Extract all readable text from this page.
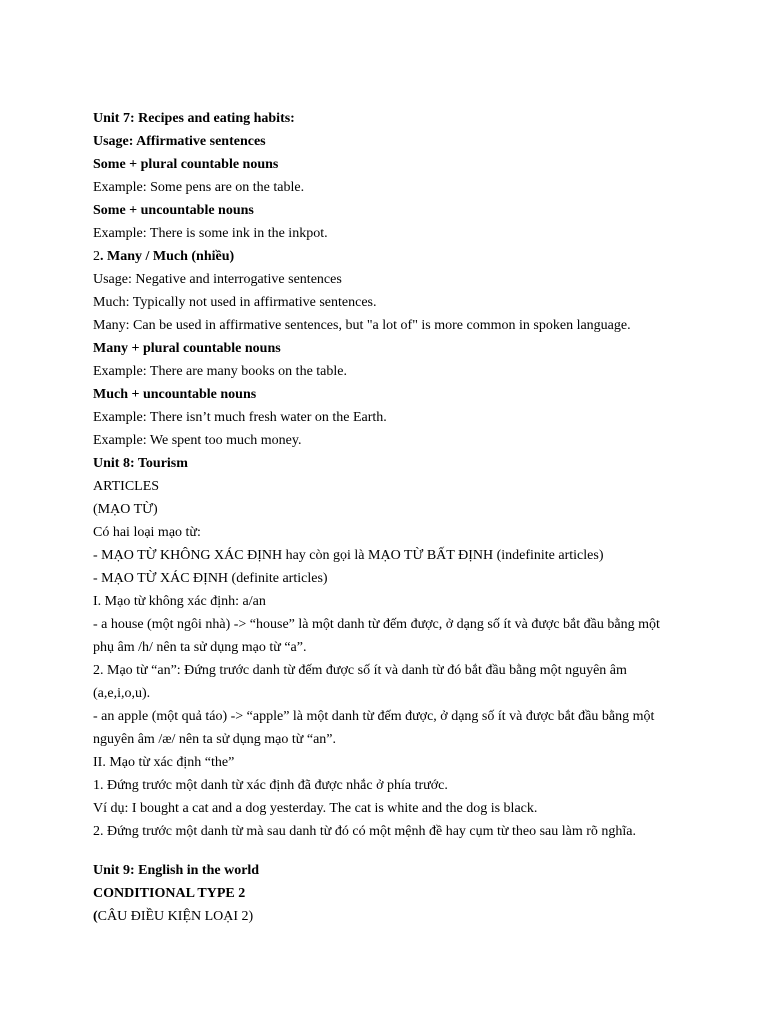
Unit 7: Recipes and eating habits:
Usage: Affirmative sentences
Some + plural countable nouns
Example: Some pens are on the table.
Some + uncountable nouns
Example: There is some ink in the inkpot.
2. Many / Much (nhiều)
Usage: Negative and interrogative sentences
Much: Typically not used in affirmative sentences.
Many: Can be used in affirmative sentences, but "a lot of" is more common in spoken language.
Many + plural countable nouns
Example: There are many books on the table.
Much + uncountable nouns
Example: There isn’t much fresh water on the Earth.
Example: We spent too much money.
Unit 8: Tourism
ARTICLES
(MẠO TỪ)
Có hai loại mạo từ:
- MẠO TỪ KHÔNG XÁC ĐỊNH hay còn gọi là MẠO TỪ BẤT ĐỊNH (indefinite articles)
- MẠO TỪ XÁC ĐỊNH (definite articles)
I. Mạo từ không xác định: a/an
- a house (một ngôi nhà) -> “house” là một danh từ đếm được, ở dạng số ít và được bắt đầu bằng một
phụ âm /h/ nên ta sử dụng mạo từ “a”.
2. Mạo từ “an”: Đứng trước danh từ đếm được số ít và danh từ đó bắt đầu bằng một nguyên âm
(a,e,i,o,u).
- an apple (một quả táo) -> “apple” là một danh từ đếm được, ở dạng số ít và được bắt đầu bằng một
nguyên âm /æ/ nên ta sử dụng mạo từ “an”.
II. Mạo từ xác định “the”
1. Đứng trước một danh từ xác định đã được nhắc ở phía trước.
Ví dụ: I bought a cat and a dog yesterday. The cat is white and the dog is black.
2. Đứng trước một danh từ mà sau danh từ đó có một mệnh đề hay cụm từ theo sau làm rõ nghĩa.
Unit 9: English in the world
CONDITIONAL TYPE 2
(CÂU ĐIỀU KIỆN LOẠI 2)
